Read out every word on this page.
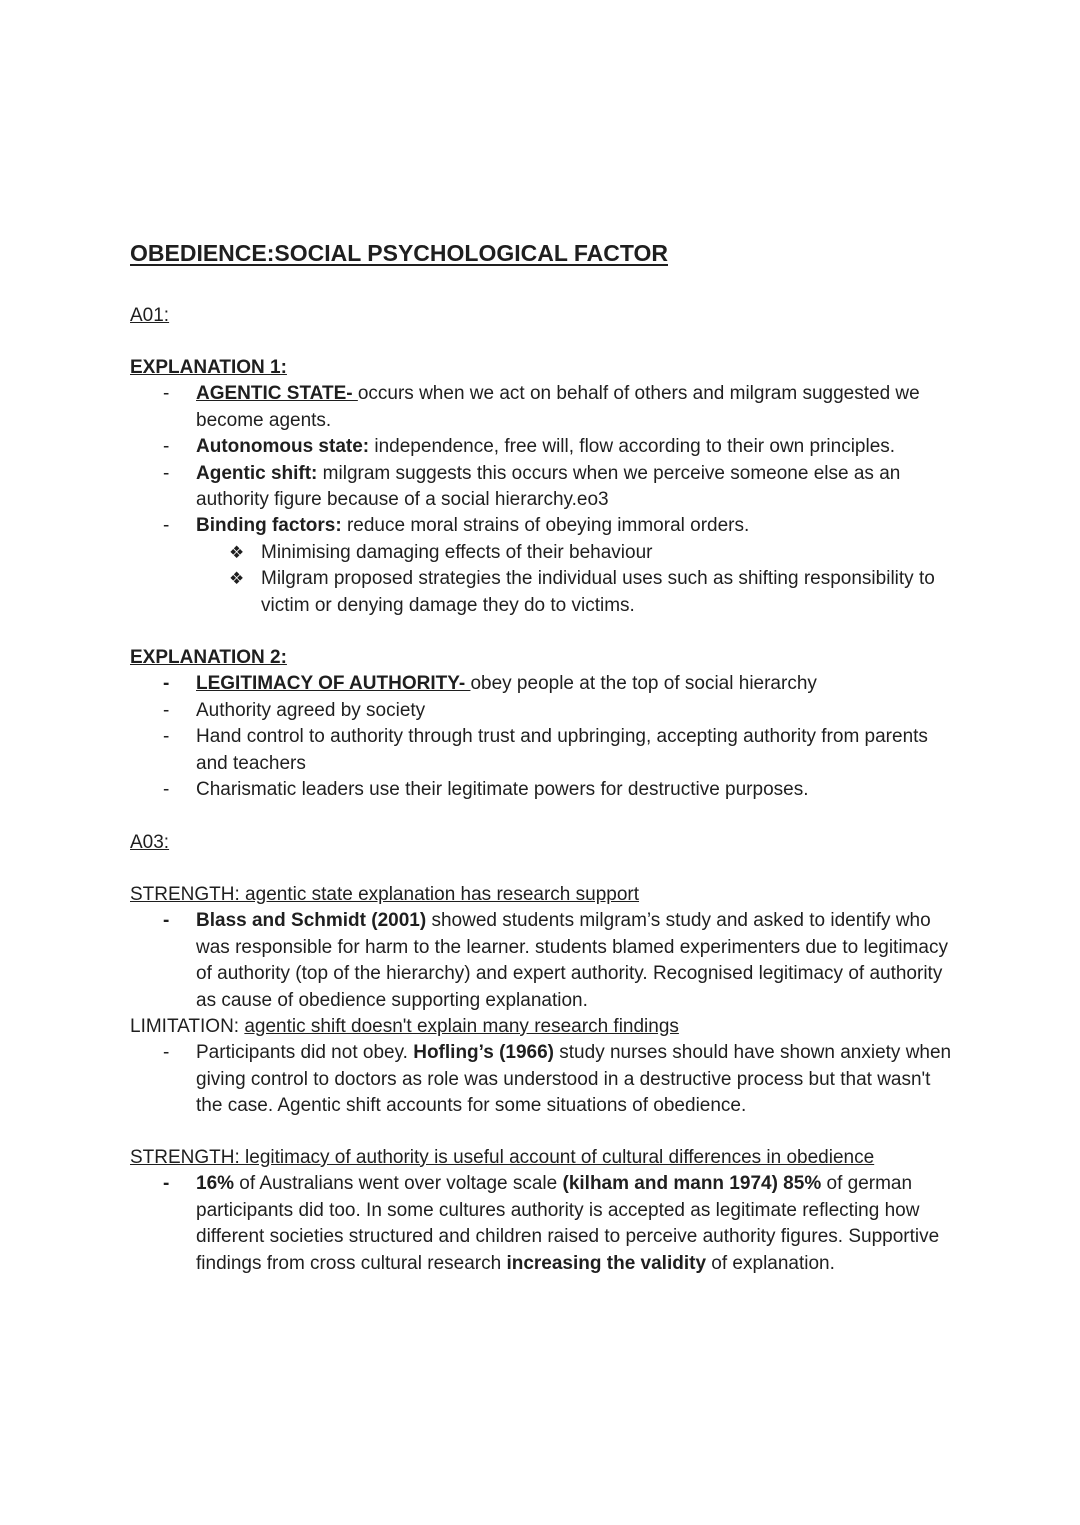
OBEDIENCE:SOCIAL PSYCHOLOGICAL FACTOR
A01:
EXPLANATION 1:
- AGENTIC STATE- occurs when we act on behalf of others and milgram suggested we become agents.
- Autonomous state: independence, free will, flow according to their own principles.
- Agentic shift: milgram suggests this occurs when we perceive someone else as an authority figure because of a social hierarchy.eo3
- Binding factors: reduce moral strains of obeying immoral orders.
❖ Minimising damaging effects of their behaviour
❖ Milgram proposed strategies the individual uses such as shifting responsibility to victim or denying damage they do to victims.
EXPLANATION 2:
- LEGITIMACY OF AUTHORITY- obey people at the top of social hierarchy
- Authority agreed by society
- Hand control to authority through trust and upbringing, accepting authority from parents and teachers
- Charismatic leaders use their legitimate powers for destructive purposes.
A03:
STRENGTH: agentic state explanation has research support
- Blass and Schmidt (2001) showed students milgram’s study and asked to identify who was responsible for harm to the learner. students blamed experimenters due to legitimacy of authority (top of the hierarchy) and expert authority. Recognised legitimacy of authority as cause of obedience supporting explanation.
LIMITATION: agentic shift doesn't explain many research findings
- Participants did not obey. Hofling’s (1966) study nurses should have shown anxiety when giving control to doctors as role was understood in a destructive process but that wasn't the case. Agentic shift accounts for some situations of obedience.
STRENGTH: legitimacy of authority is useful account of cultural differences in obedience
- 16% of Australians went over voltage scale (kilham and mann 1974) 85% of german participants did too. In some cultures authority is accepted as legitimate reflecting how different societies structured and children raised to perceive authority figures. Supportive findings from cross cultural research increasing the validity of explanation.
